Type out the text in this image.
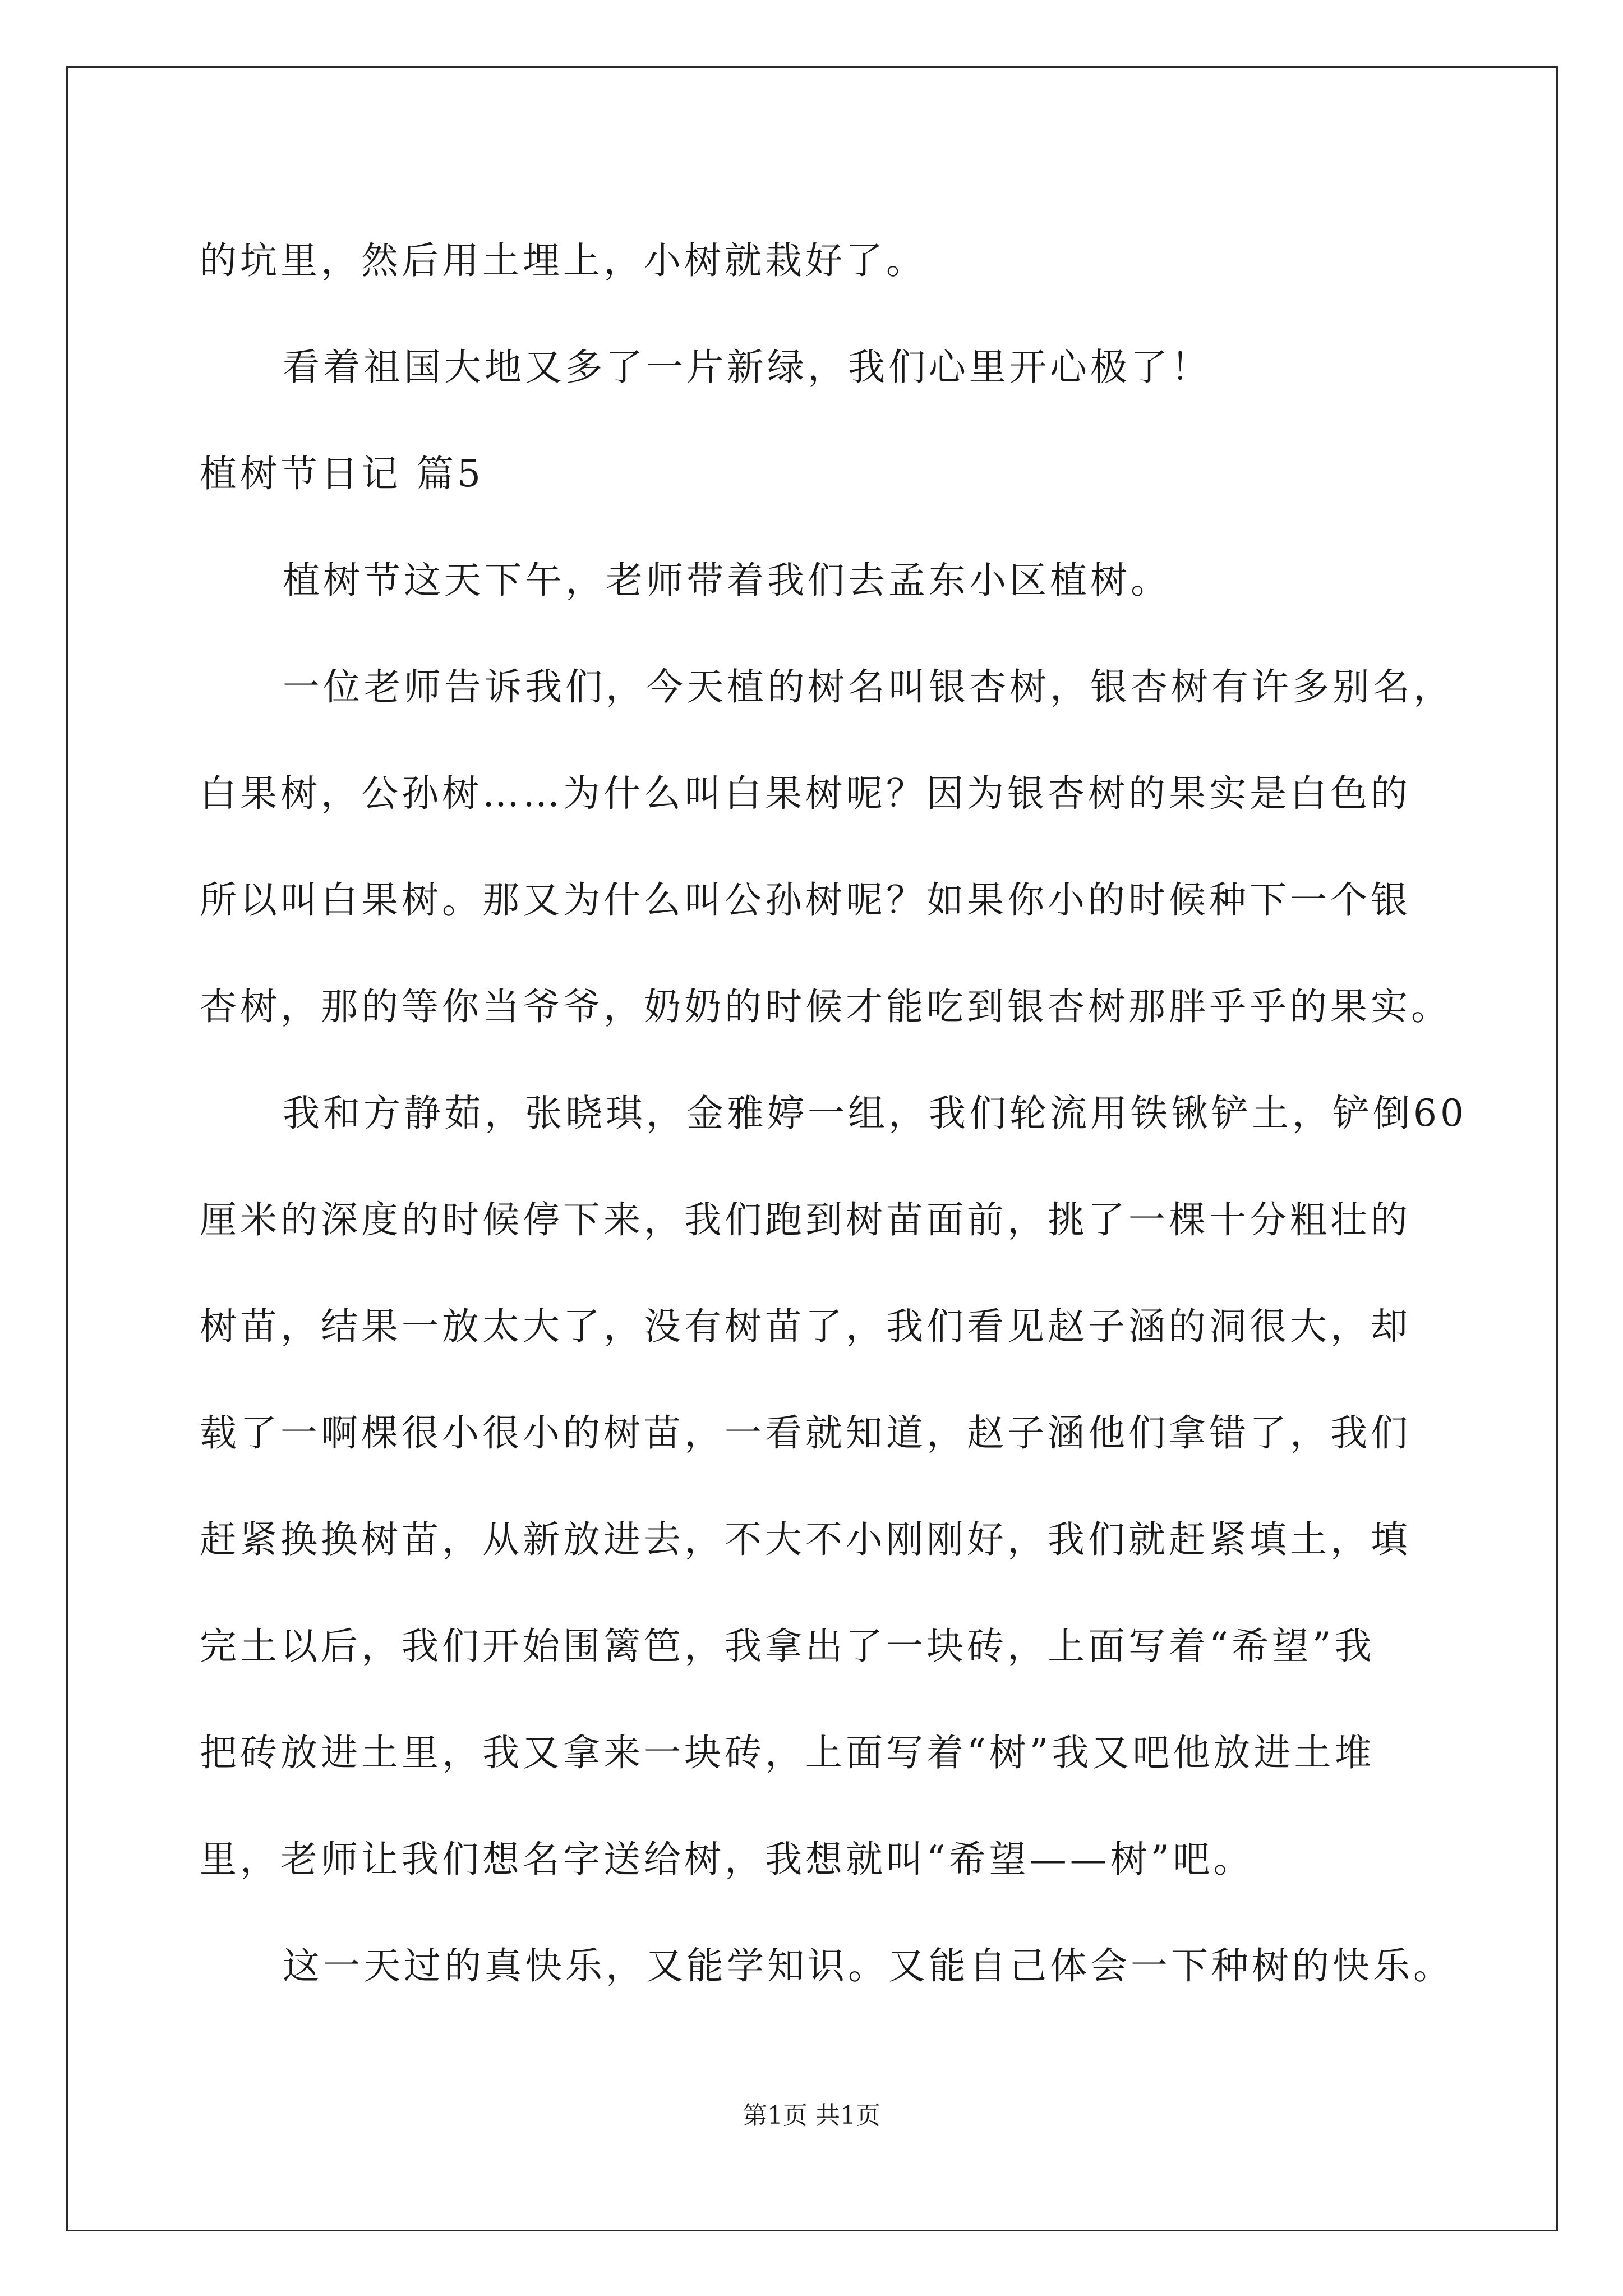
的坑里，然后用土埋上，小树就栽好了。
看着祖国大地又多了一片新绿，我们心里开心极了！
植树节日记 篇5
植树节这天下午，老师带着我们去孟东小区植树。
一位老师告诉我们，今天植的树名叫银杏树，银杏树有许多别名，
白果树，公孙树……为什么叫白果树呢？因为银杏树的果实是白色的
所以叫白果树。那又为什么叫公孙树呢？如果你小的时候种下一个银
杏树，那的等你当爷爷，奶奶的时候才能吃到银杏树那胖乎乎的果实。
我和方静茹，张晓琪，金雅婷一组，我们轮流用铁锹铲土，铲倒60
厘米的深度的时候停下来，我们跑到树苗面前，挑了一棵十分粗壮的
树苗，结果一放太大了，没有树苗了，我们看见赵子涵的洞很大，却
载了一啊棵很小很小的树苗，一看就知道，赵子涵他们拿错了，我们
赶紧换换树苗，从新放进去，不大不小刚刚好，我们就赶紧填土，填
完土以后，我们开始围篱笆，我拿出了一块砖，上面写着“希望”我
把砖放进土里，我又拿来一块砖，上面写着“树”我又吧他放进土堆
里，老师让我们想名字送给树，我想就叫“希望——树”吧。
这一天过的真快乐，又能学知识。又能自己体会一下种树的快乐。
第1页 共1页
